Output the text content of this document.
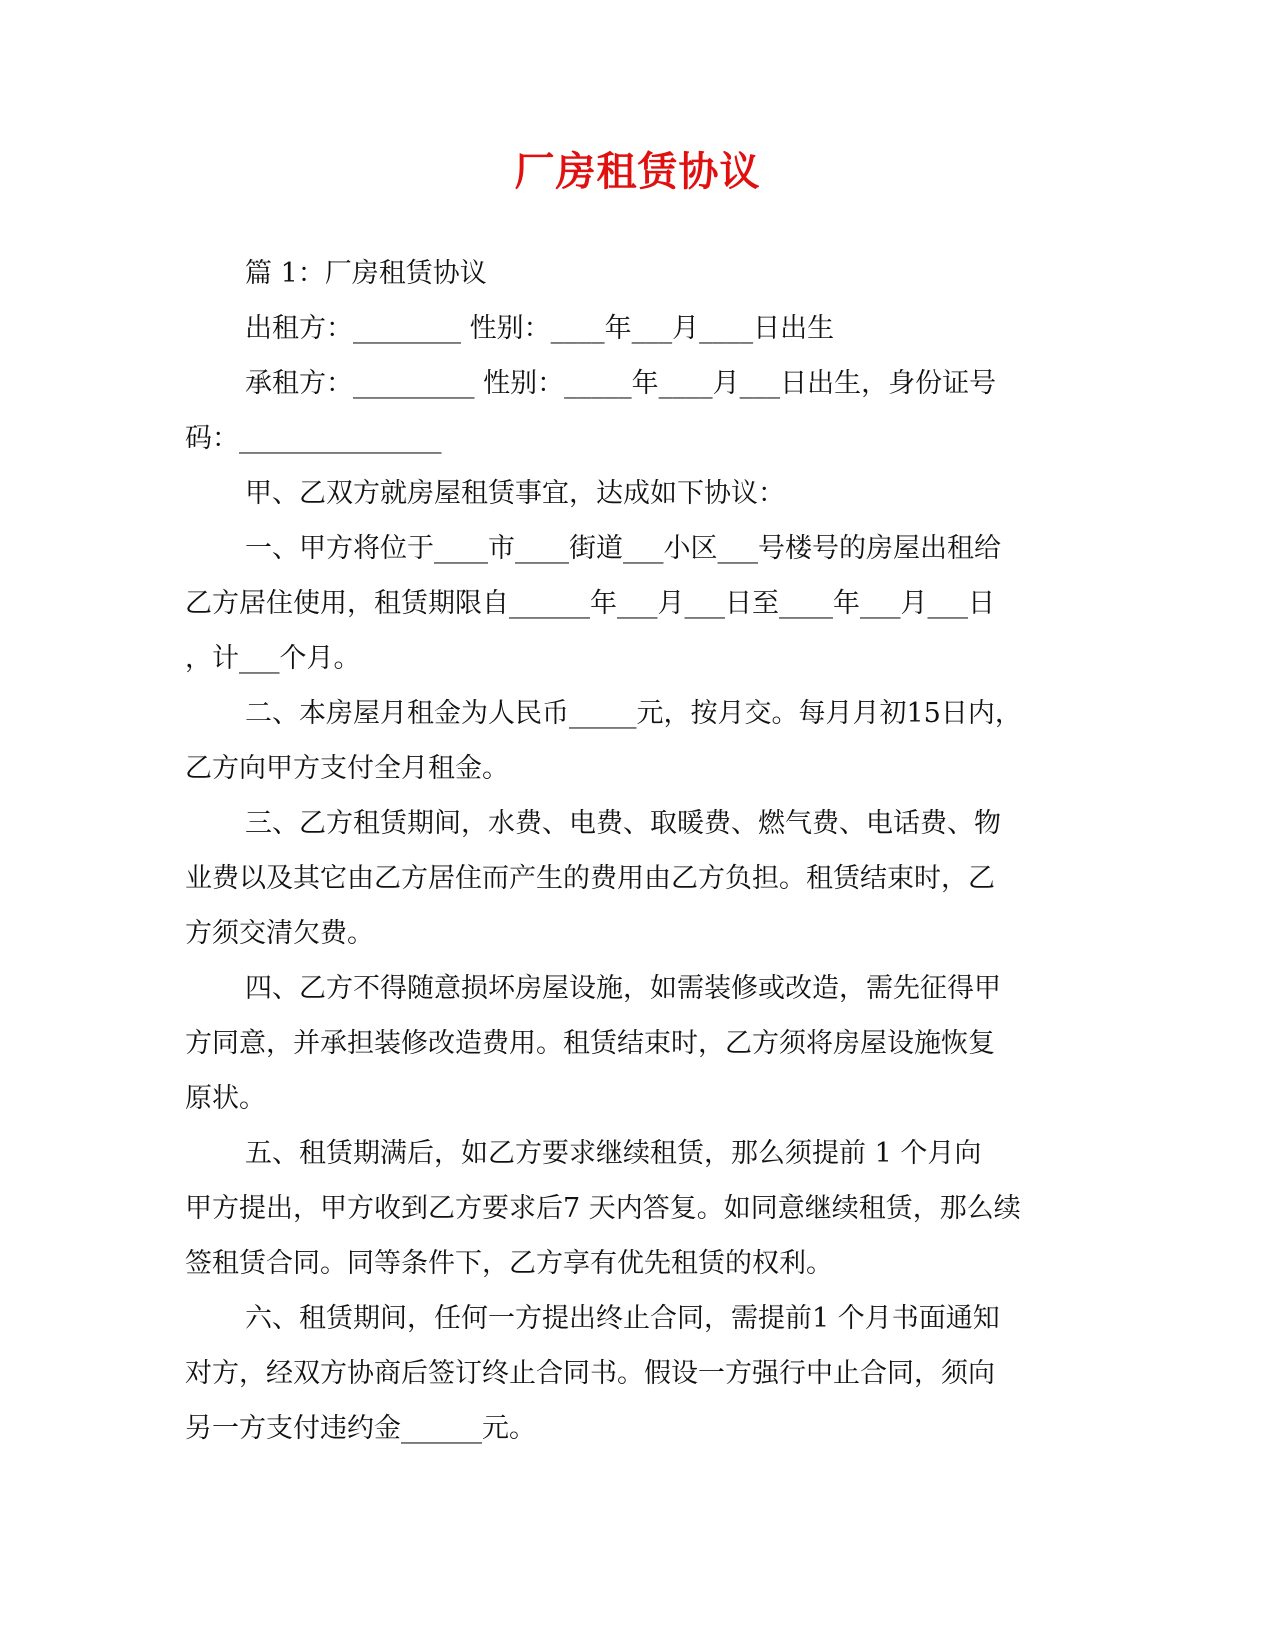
厂房租赁协议

篇 1：厂房租赁协议

出租方：________ 性别：____年___月____日出生

承租方：_________ 性别：_____年____月___日出生，身份证号

码：_______________

甲、乙双方就房屋租赁事宜，达成如下协议：

一、甲方将位于____市____街道___小区___号楼号的房屋出租给

乙方居住使用，租赁期限自______年___月___日至____年___月___日

，计___个月。

二、本房屋月租金为人民币_____元，按月交。每月月初15日内，

乙方向甲方支付全月租金。

三、乙方租赁期间，水费、电费、取暖费、燃气费、电话费、物

业费以及其它由乙方居住而产生的费用由乙方负担。租赁结束时，乙

方须交清欠费。

四、乙方不得随意损坏房屋设施，如需装修或改造，需先征得甲

方同意，并承担装修改造费用。租赁结束时，乙方须将房屋设施恢复

原状。

五、租赁期满后，如乙方要求继续租赁，那么须提前 1 个月向

甲方提出，甲方收到乙方要求后7 天内答复。如同意继续租赁，那么续

签租赁合同。同等条件下，乙方享有优先租赁的权利。

六、租赁期间，任何一方提出终止合同，需提前1 个月书面通知

对方，经双方协商后签订终止合同书。假设一方强行中止合同，须向

另一方支付违约金______元。
